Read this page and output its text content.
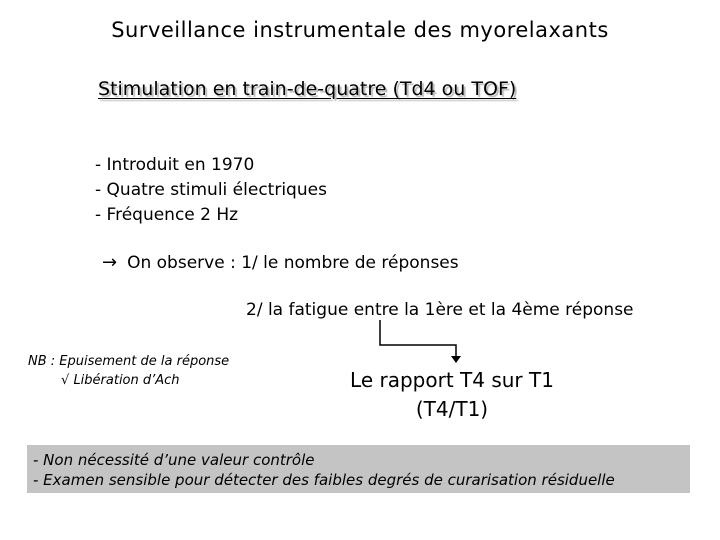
Surveillance instrumentale des myorelaxants
Stimulation en train-de-quatre (Td4 ou TOF)
- Introduit en 1970
- Quatre stimuli électriques
- Fréquence 2 Hz
→ On observe : 1/ le nombre de réponses
2/ la fatigue entre la 1ère et la 4ème réponse
NB : Epuisement de la réponse
√ Libération d’Ach	Le rapport T4 sur T1
(T4/T1)
- Non nécessité d’une valeur contrôle
- Examen sensible pour détecter des faibles degrés de curarisation résiduelle
